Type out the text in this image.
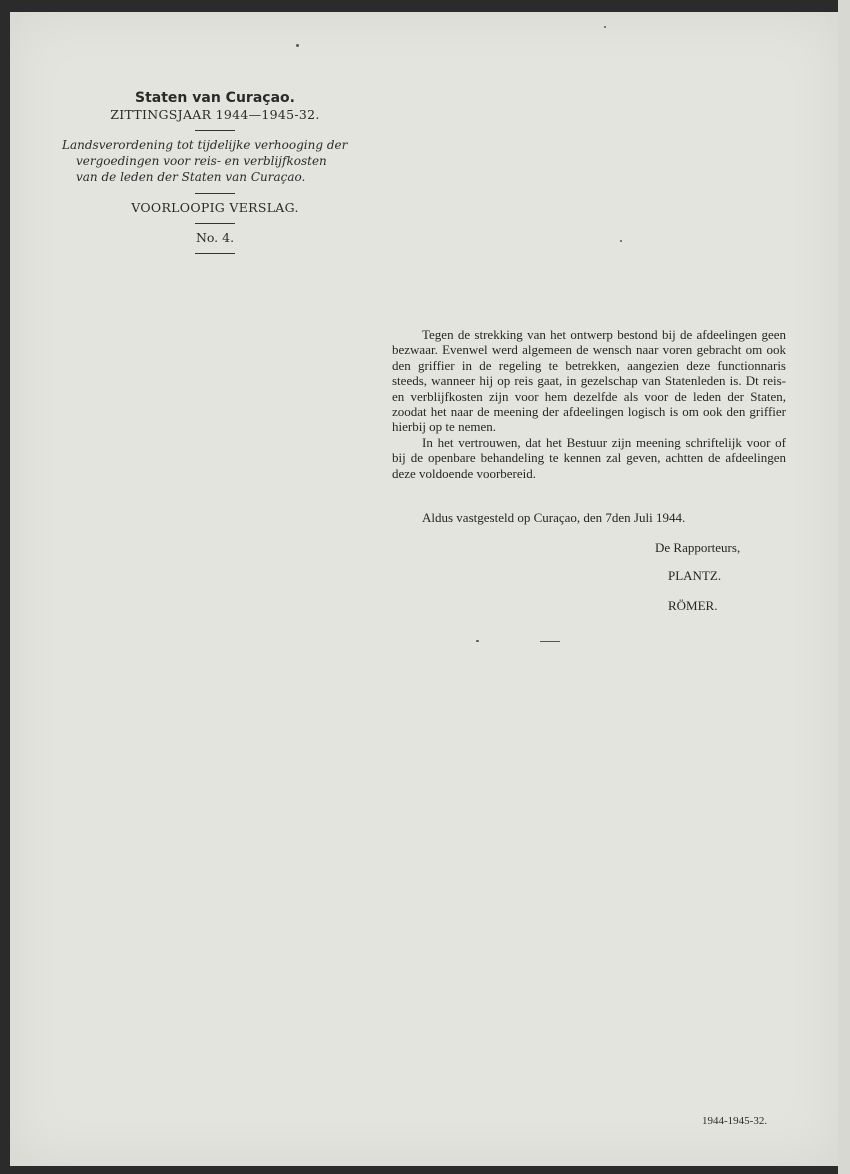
Staten van Curaçao.
ZITTINGSJAAR 1944—1945-32.
Landsverordening tot tijdelijke verhooging der
vergoedingen voor reis- en verblijfkosten
van de leden der Staten van Curaçao.
VOORLOOPIG VERSLAG.
No. 4.

Tegen de strekking van het ontwerp bestond bij de afdeelingen geen bezwaar. Evenwel werd algemeen de wensch naar voren gebracht om ook den griffier in de regeling te betrekken, aangezien deze functionnaris steeds, wanneer hij op reis gaat, in gezelschap van Statenleden is. Dt reis- en verblijfkosten zijn voor hem dezelfde als voor de leden der Staten, zoodat het naar de meening der afdeelingen logisch is om ook den griffier hierbij op te nemen.

In het vertrouwen, dat het Bestuur zijn meening schriftelijk voor of bij de openbare behandeling te kennen zal geven, achtten de afdeelingen deze voldoende voorbereid.

Aldus vastgesteld op Curaçao, den 7den Juli 1944.
De Rapporteurs,
PLANTZ.
RÖMER.
1944-1945-32.
